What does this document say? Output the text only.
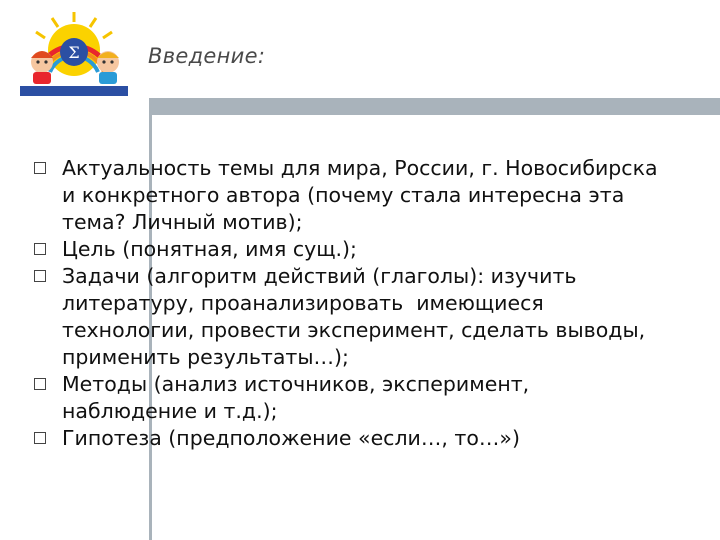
Σ	Введение:
Актуальность темы для мира, России, г. Новосибирска
и конкретного автора (почему стала интересна эта
тема? Личный мотив);
Цель (понятная, имя сущ.);
Задачи (алгоритм действий (глаголы): изучить
литературу, проанализировать  имеющиеся
технологии, провести эксперимент, сделать выводы,
применить результаты…);
Методы (анализ источников, эксперимент,
наблюдение и т.д.);
Гипотеза (предположение «если…, то…»)
